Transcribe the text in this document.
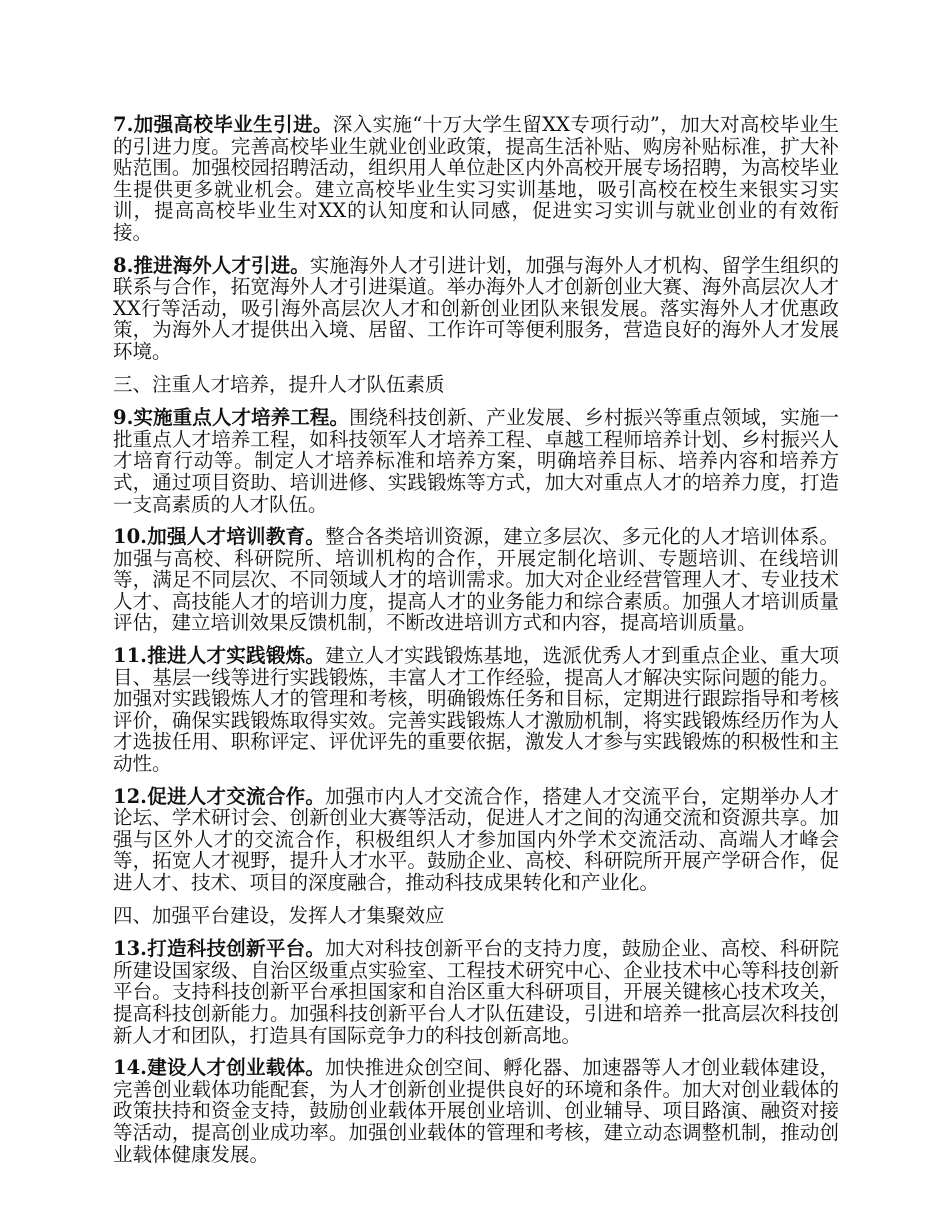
7.加强高校毕业生引进。深入实施“十万大学生留XX专项行动”，加大对高校毕业生的引进力度。完善高校毕业生就业创业政策，提高生活补贴、购房补贴标准，扩大补贴范围。加强校园招聘活动，组织用人单位赴区内外高校开展专场招聘，为高校毕业生提供更多就业机会。建立高校毕业生实习实训基地，吸引高校在校生来银实习实训，提高高校毕业生对XX的认知度和认同感，促进实习实训与就业创业的有效衔接。

8.推进海外人才引进。实施海外人才引进计划，加强与海外人才机构、留学生组织的联系与合作，拓宽海外人才引进渠道。举办海外人才创新创业大赛、海外高层次人才XX行等活动，吸引海外高层次人才和创新创业团队来银发展。落实海外人才优惠政策，为海外人才提供出入境、居留、工作许可等便利服务，营造良好的海外人才发展环境。

三、注重人才培养，提升人才队伍素质

9.实施重点人才培养工程。围绕科技创新、产业发展、乡村振兴等重点领域，实施一批重点人才培养工程，如科技领军人才培养工程、卓越工程师培养计划、乡村振兴人才培育行动等。制定人才培养标准和培养方案，明确培养目标、培养内容和培养方式，通过项目资助、培训进修、实践锻炼等方式，加大对重点人才的培养力度，打造一支高素质的人才队伍。

10.加强人才培训教育。整合各类培训资源，建立多层次、多元化的人才培训体系。加强与高校、科研院所、培训机构的合作，开展定制化培训、专题培训、在线培训等，满足不同层次、不同领域人才的培训需求。加大对企业经营管理人才、专业技术人才、高技能人才的培训力度，提高人才的业务能力和综合素质。加强人才培训质量评估，建立培训效果反馈机制，不断改进培训方式和内容，提高培训质量。

11.推进人才实践锻炼。建立人才实践锻炼基地，选派优秀人才到重点企业、重大项目、基层一线等进行实践锻炼，丰富人才工作经验，提高人才解决实际问题的能力。加强对实践锻炼人才的管理和考核，明确锻炼任务和目标，定期进行跟踪指导和考核评价，确保实践锻炼取得实效。完善实践锻炼人才激励机制，将实践锻炼经历作为人才选拔任用、职称评定、评优评先的重要依据，激发人才参与实践锻炼的积极性和主动性。

12.促进人才交流合作。加强市内人才交流合作，搭建人才交流平台，定期举办人才论坛、学术研讨会、创新创业大赛等活动，促进人才之间的沟通交流和资源共享。加强与区外人才的交流合作，积极组织人才参加国内外学术交流活动、高端人才峰会等，拓宽人才视野，提升人才水平。鼓励企业、高校、科研院所开展产学研合作，促进人才、技术、项目的深度融合，推动科技成果转化和产业化。

四、加强平台建设，发挥人才集聚效应

13.打造科技创新平台。加大对科技创新平台的支持力度，鼓励企业、高校、科研院所建设国家级、自治区级重点实验室、工程技术研究中心、企业技术中心等科技创新平台。支持科技创新平台承担国家和自治区重大科研项目，开展关键核心技术攻关，提高科技创新能力。加强科技创新平台人才队伍建设，引进和培养一批高层次科技创新人才和团队，打造具有国际竞争力的科技创新高地。

14.建设人才创业载体。加快推进众创空间、孵化器、加速器等人才创业载体建设，完善创业载体功能配套，为人才创新创业提供良好的环境和条件。加大对创业载体的政策扶持和资金支持，鼓励创业载体开展创业培训、创业辅导、项目路演、融资对接等活动，提高创业成功率。加强创业载体的管理和考核，建立动态调整机制，推动创业载体健康发展。
